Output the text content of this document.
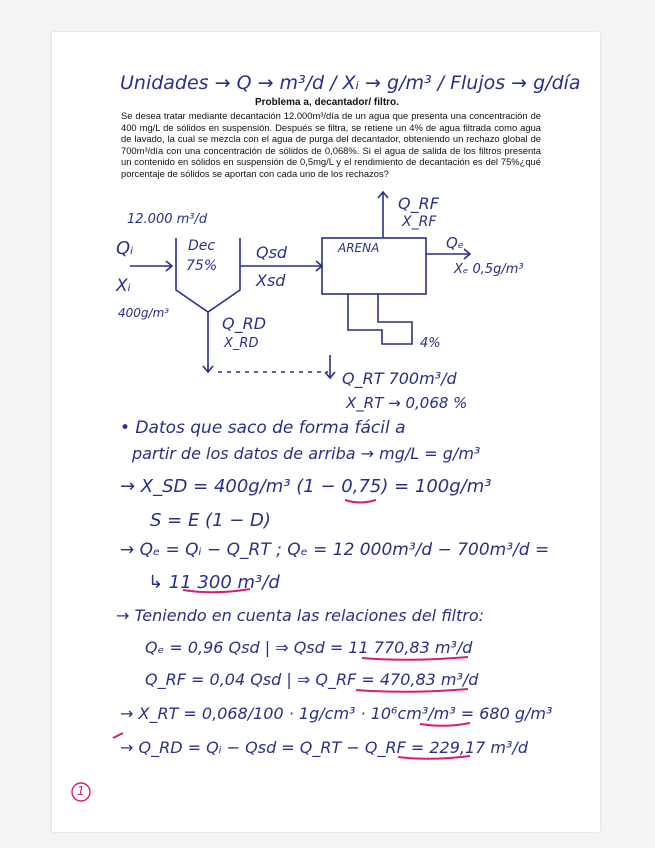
Unidades → Q → m³/d / Xᵢ → g/m³ / Flujos → g/día
Problema a, decantador/ filtro.
Se desea tratar mediante decantación 12.000m³/día de un agua que presenta una concentración de 400 mg/L de sólidos en suspensión. Después se filtra, se retiene un 4% de agua filtrada como agua de lavado, la cual se mezcla con el agua de purga del decantador, obteniendo un rechazo global de 700m³/día con una concentración de sólidos de 0,068%. Si el agua de salida de los filtros presenta un contenido en sólidos en suspensión de 0,5mg/L y el rendimiento de decantación es del 75%¿qué porcentaje de sólidos se aportan con cada uno de los rechazos?
12.000 m³/d
Qᵢ
Xᵢ
400g/m³
Dec
75%
Qsd
Xsd
ARENA
Q_RF
X_RF
Qₑ
Xₑ 0,5g/m³
Q_RD
X_RD	4%
Q_RT 700m³/d
X_RT → 0,068 %
• Datos que saco de forma fácil a
partir de los datos de arriba → mg/L = g/m³
→ X_SD = 400g/m³ (1 − 0,75) = 100g/m³
S = E (1 − D)
→ Qₑ = Qᵢ − Q_RT ; Qₑ = 12 000m³/d − 700m³/d =
↳ 11 300 m³/d
→ Teniendo en cuenta las relaciones del filtro:
Qₑ = 0,96 Qsd | ⇒ Qsd = 11 770,83 m³/d
Q_RF = 0,04 Qsd | ⇒ Q_RF = 470,83 m³/d
→ X_RT = 0,068/100 · 1g/cm³ · 10⁶cm³/m³ = 680 g/m³
→ Q_RD = Qᵢ − Qsd = Q_RT − Q_RF = 229,17 m³/d
1
